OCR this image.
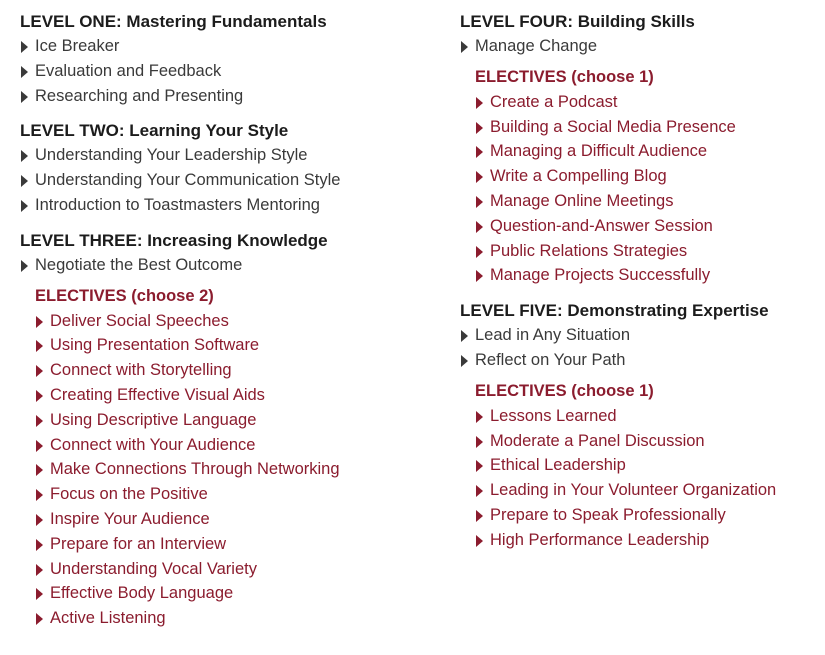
LEVEL ONE: Mastering Fundamentals
Ice Breaker
Evaluation and Feedback
Researching and Presenting
LEVEL TWO: Learning Your Style
Understanding Your Leadership Style
Understanding Your Communication Style
Introduction to Toastmasters Mentoring
LEVEL THREE: Increasing Knowledge
Negotiate the Best Outcome
ELECTIVES (choose 2)
Deliver Social Speeches
Using Presentation Software
Connect with Storytelling
Creating Effective Visual Aids
Using Descriptive Language
Connect with Your Audience
Make Connections Through Networking
Focus on the Positive
Inspire Your Audience
Prepare for an Interview
Understanding Vocal Variety
Effective Body Language
Active Listening
LEVEL FOUR: Building Skills
Manage Change
ELECTIVES (choose 1)
Create a Podcast
Building a Social Media Presence
Managing a Difficult Audience
Write a Compelling Blog
Manage Online Meetings
Question-and-Answer Session
Public Relations Strategies
Manage Projects Successfully
LEVEL FIVE: Demonstrating Expertise
Lead in Any Situation
Reflect on Your Path
ELECTIVES (choose 1)
Lessons Learned
Moderate a Panel Discussion
Ethical Leadership
Leading in Your Volunteer Organization
Prepare to Speak Professionally
High Performance Leadership
